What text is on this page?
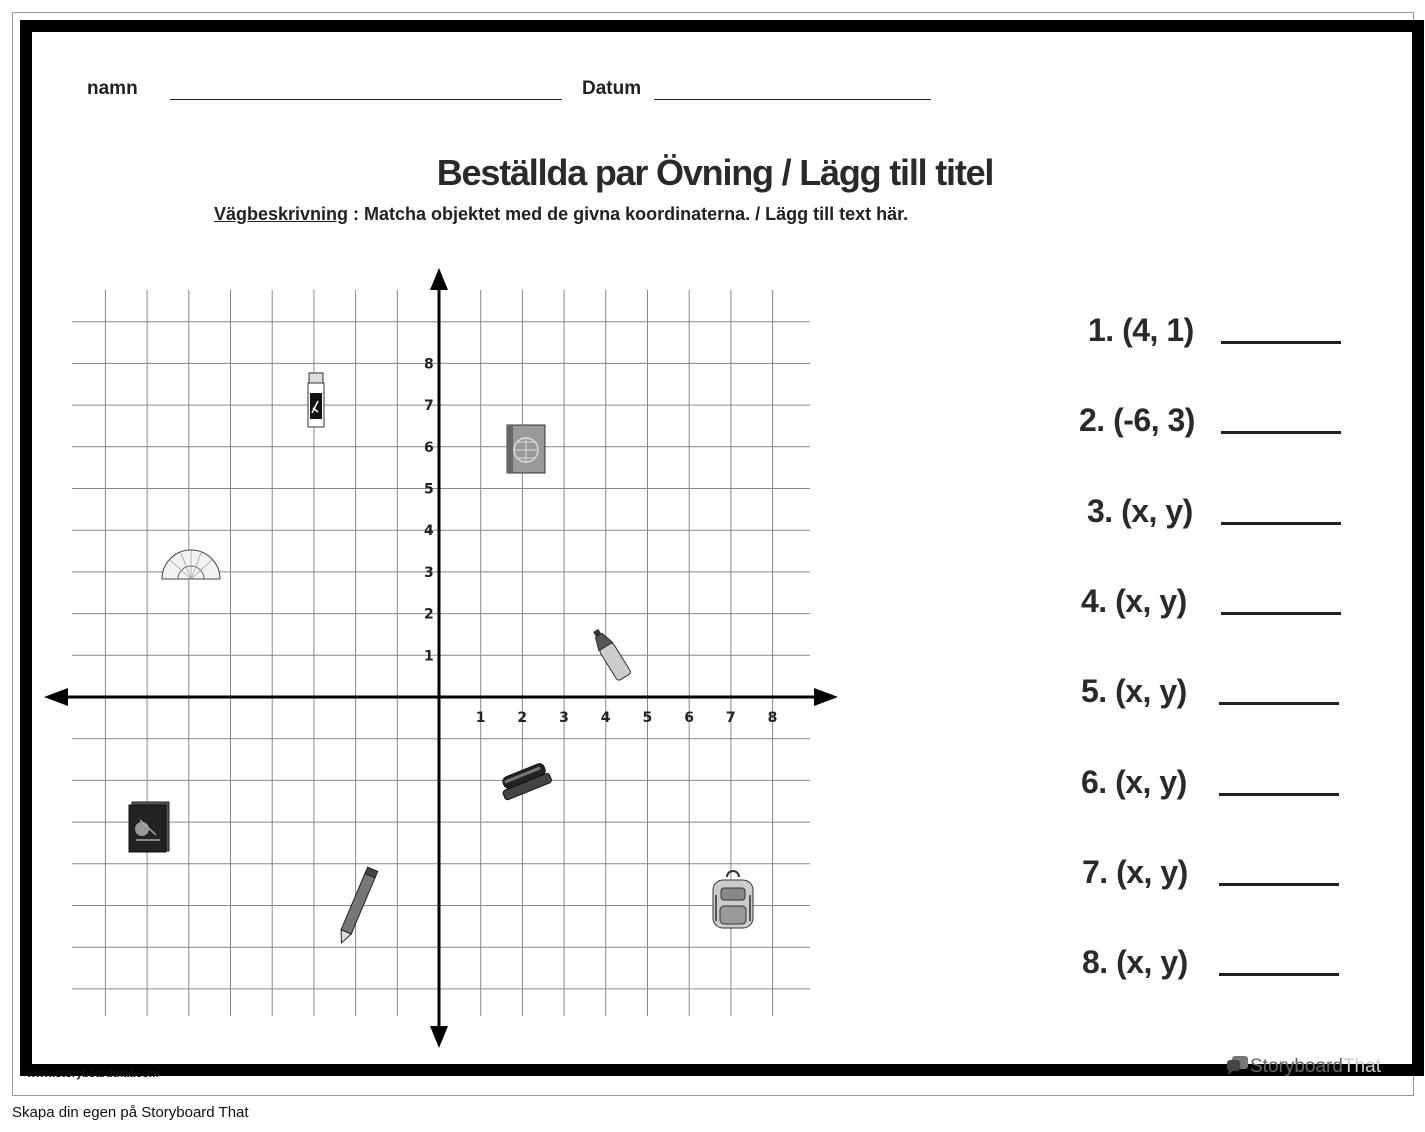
namn	Datum
Beställda par Övning / Lägg till titel
Vägbeskrivning : Matcha objektet med de givna koordinaterna. / Lägg till text här.
1 2 3 4 5 6 7 8
1
2
3
4
5
6
7
8
1. (4, 1)
2. (-6, 3)
3. (x, y)
4. (x, y)
5. (x, y)
6. (x, y)
7. (x, y)
8. (x, y)
www.storyboardthat.com	StoryboardThat
Skapa din egen på Storyboard That
